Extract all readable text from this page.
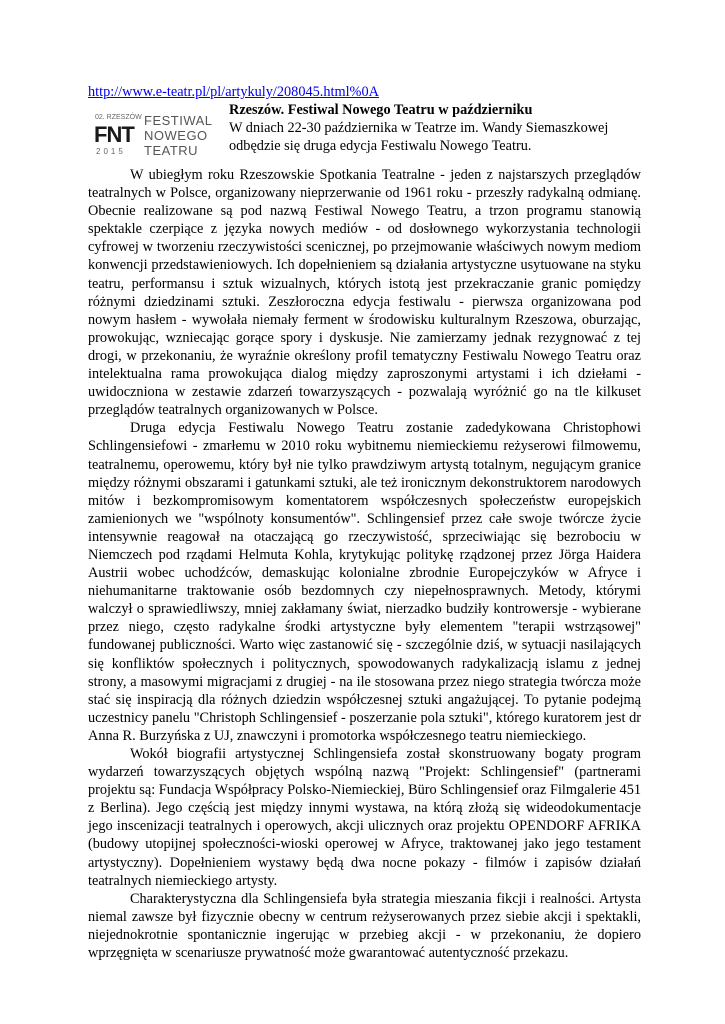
http://www.e-teatr.pl/pl/artykuly/208045.html%0A
02. RZESZÓW
FNT
2015
FESTIWAL
NOWEGO
TEATRU
Rzeszów. Festiwal Nowego Teatru w październiku
W dniach 22-30 października w Teatrze im. Wandy Siemaszkowej
odbędzie się druga edycja Festiwalu Nowego Teatru.

W ubiegłym roku Rzeszowskie Spotkania Teatralne - jeden z najstarszych przeglądów teatralnych w Polsce, organizowany nieprzerwanie od 1961 roku - przeszły radykalną odmianę. Obecnie realizowane są pod nazwą Festiwal Nowego Teatru, a trzon programu stanowią spektakle czerpiące z języka nowych mediów - od dosłownego wykorzystania technologii cyfrowej w tworzeniu rzeczywistości scenicznej, po przejmowanie właściwych nowym mediom konwencji przedstawieniowych. Ich dopełnieniem są działania artystyczne usytuowane na styku teatru, performansu i sztuk wizualnych, których istotą jest przekraczanie granic pomiędzy różnymi dziedzinami sztuki. Zeszłoroczna edycja festiwalu - pierwsza organizowana pod nowym hasłem - wywołała niemały ferment w środowisku kulturalnym Rzeszowa, oburzając, prowokując, wzniecając gorące spory i dyskusje. Nie zamierzamy jednak rezygnować z tej drogi, w przekonaniu, że wyraźnie określony profil tematyczny Festiwalu Nowego Teatru oraz intelektualna rama prowokująca dialog między zaproszonymi artystami i ich dziełami - uwidoczniona w zestawie zdarzeń towarzyszących - pozwalają wyróżnić go na tle kilkuset przeglądów teatralnych organizowanych w Polsce.

Druga edycja Festiwalu Nowego Teatru zostanie zadedykowana Christophowi Schlingensiefowi - zmarłemu w 2010 roku wybitnemu niemieckiemu reżyserowi filmowemu, teatralnemu, operowemu, który był nie tylko prawdziwym artystą totalnym, negującym granice między różnymi obszarami i gatunkami sztuki, ale też ironicznym dekonstruktorem narodowych mitów i bezkompromisowym komentatorem współczesnych społeczeństw europejskich zamienionych we "wspólnoty konsumentów". Schlingensief przez całe swoje twórcze życie intensywnie reagował na otaczającą go rzeczywistość, sprzeciwiając się bezrobociu w Niemczech pod rządami Helmuta Kohla, krytykując politykę rządzonej przez Jörga Haidera Austrii wobec uchodźców, demaskując kolonialne zbrodnie Europejczyków w Afryce i niehumanitarne traktowanie osób bezdomnych czy niepełnosprawnych. Metody, którymi walczył o sprawiedliwszy, mniej zakłamany świat, nierzadko budziły kontrowersje - wybierane przez niego, często radykalne środki artystyczne były elementem "terapii wstrząsowej" fundowanej publiczności. Warto więc zastanowić się - szczególnie dziś, w sytuacji nasilających się konfliktów społecznych i politycznych, spowodowanych radykalizacją islamu z jednej strony, a masowymi migracjami z drugiej - na ile stosowana przez niego strategia twórcza może stać się inspiracją dla różnych dziedzin współczesnej sztuki angażującej. To pytanie podejmą uczestnicy panelu "Christoph Schlingensief - poszerzanie pola sztuki", którego kuratorem jest dr Anna R. Burzyńska z UJ, znawczyni i promotorka współczesnego teatru niemieckiego.

Wokół biografii artystycznej Schlingensiefa został skonstruowany bogaty program wydarzeń towarzyszących objętych wspólną nazwą "Projekt: Schlingensief" (partnerami projektu są: Fundacja Współpracy Polsko-Niemieckiej, Büro Schlingensief oraz Filmgalerie 451 z Berlina). Jego częścią jest między innymi wystawa, na którą złożą się wideodokumentacje jego inscenizacji teatralnych i operowych, akcji ulicznych oraz projektu OPENDORF AFRIKA (budowy utopijnej społeczności-wioski operowej w Afryce, traktowanej jako jego testament artystyczny). Dopełnieniem wystawy będą dwa nocne pokazy - filmów i zapisów działań teatralnych niemieckiego artysty.

Charakterystyczna dla Schlingensiefa była strategia mieszania fikcji i realności. Artysta niemal zawsze był fizycznie obecny w centrum reżyserowanych przez siebie akcji i spektakli, niejednokrotnie spontanicznie ingerując w przebieg akcji - w przekonaniu, że dopiero wprzęgnięta w scenariusze prywatność może gwarantować autentyczność przekazu.
